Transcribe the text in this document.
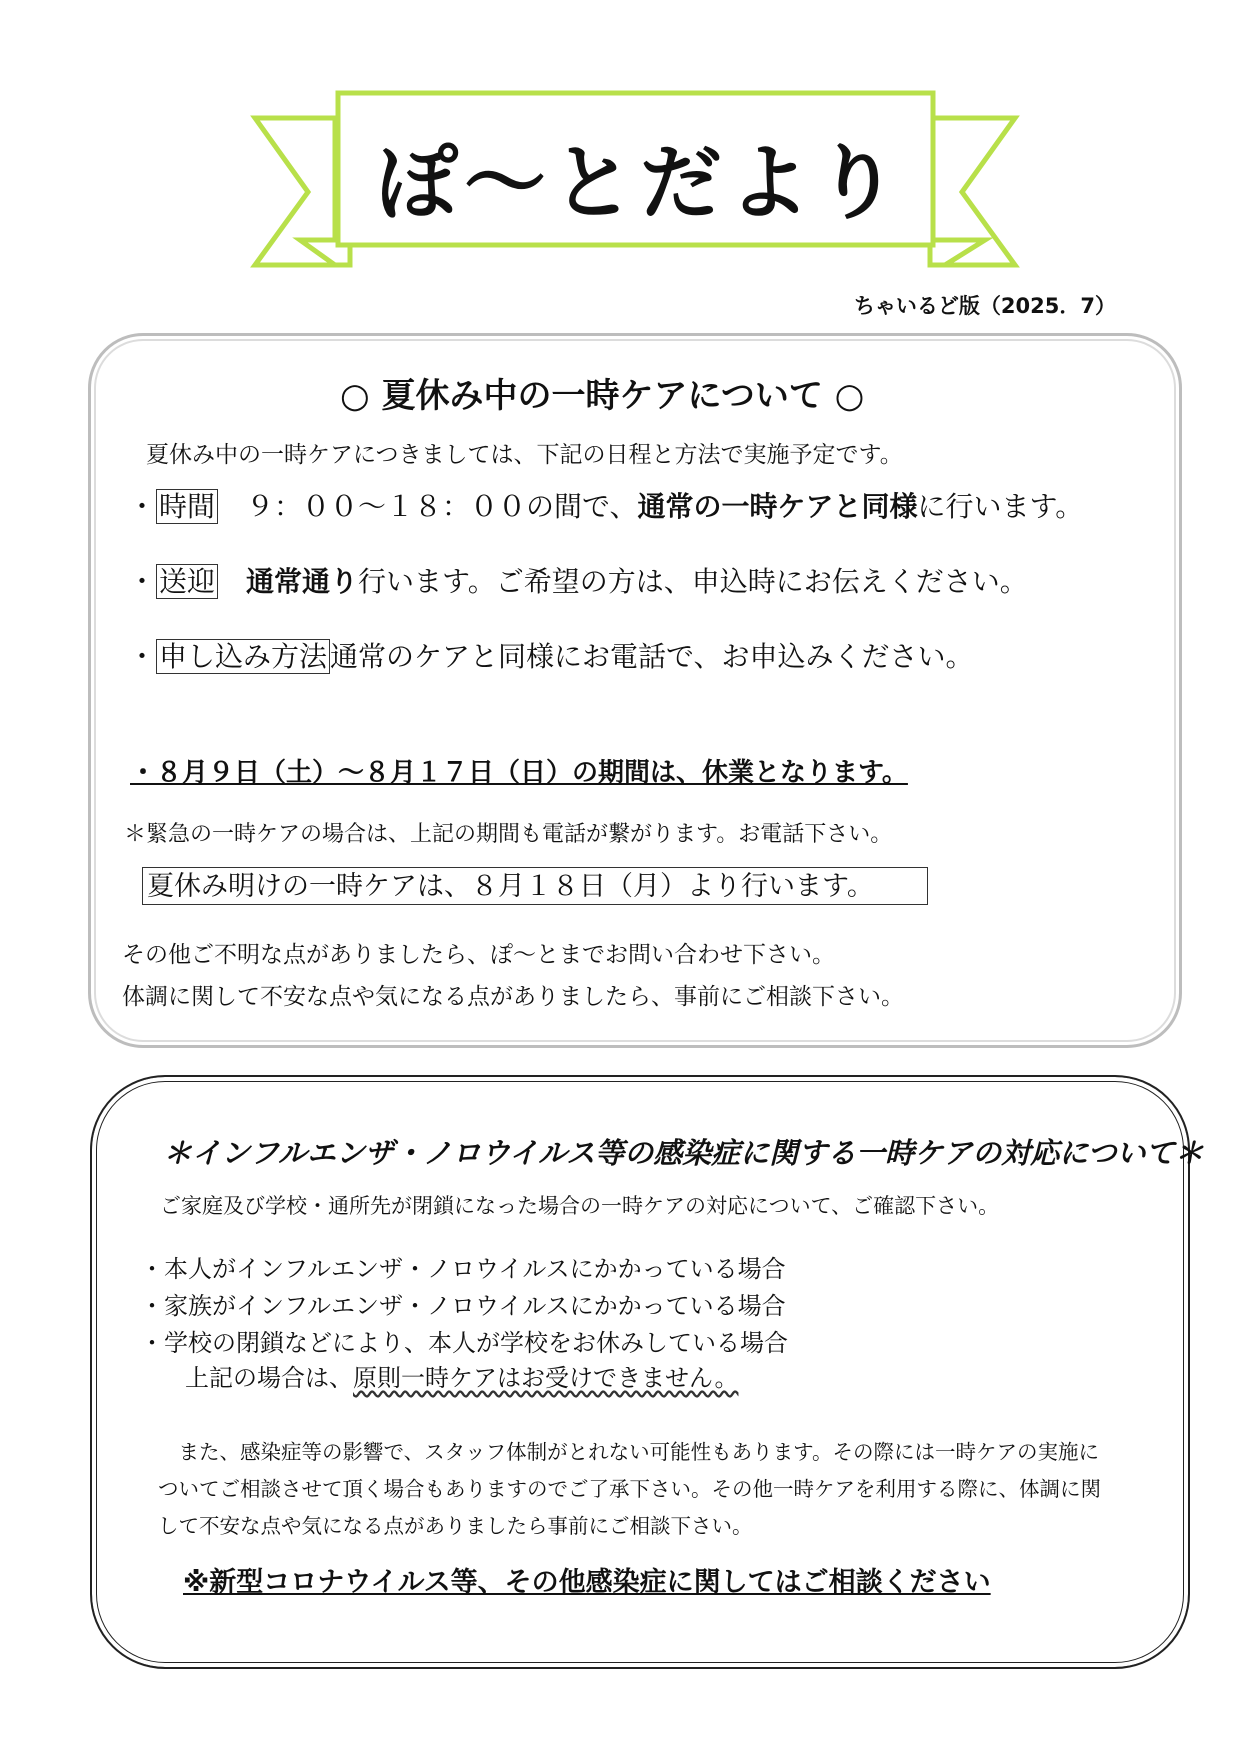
ぽ〜とだより
ちゃいるど版（2025．7）
○ 夏休み中の一時ケアについて ○
夏休み中の一時ケアにつきましては、下記の日程と方法で実施予定です。
・ 時間　９：００〜１８：００の間で、通常の一時ケアと同様に行います。
・ 送迎　通常通り行います。ご希望の方は、申込時にお伝えください。
・ 申し込み方法 通常のケアと同様にお電話で、お申込みください。
・８月９日（土）〜８月１７日（日）の期間は、休業となります。
＊緊急の一時ケアの場合は、上記の期間も電話が繋がります。お電話下さい。
夏休み明けの一時ケアは、８月１８日（月）より行います。
その他ご不明な点がありましたら、ぽ〜とまでお問い合わせ下さい。
体調に関して不安な点や気になる点がありましたら、事前にご相談下さい。
＊インフルエンザ・ノロウイルス等の感染症に関する一時ケアの対応について＊
ご家庭及び学校・通所先が閉鎖になった場合の一時ケアの対応について、ご確認下さい。
・本人がインフルエンザ・ノロウイルスにかかっている場合
・家族がインフルエンザ・ノロウイルスにかかっている場合
・学校の閉鎖などにより、本人が学校をお休みしている場合
上記の場合は、原則一時ケアはお受けできません。
　また、感染症等の影響で、スタッフ体制がとれない可能性もあります。その際には一時ケアの実施に
ついてご相談させて頂く場合もありますのでご了承下さい。その他一時ケアを利用する際に、体調に関
して不安な点や気になる点がありましたら事前にご相談下さい。
※新型コロナウイルス等、その他感染症に関してはご相談ください
